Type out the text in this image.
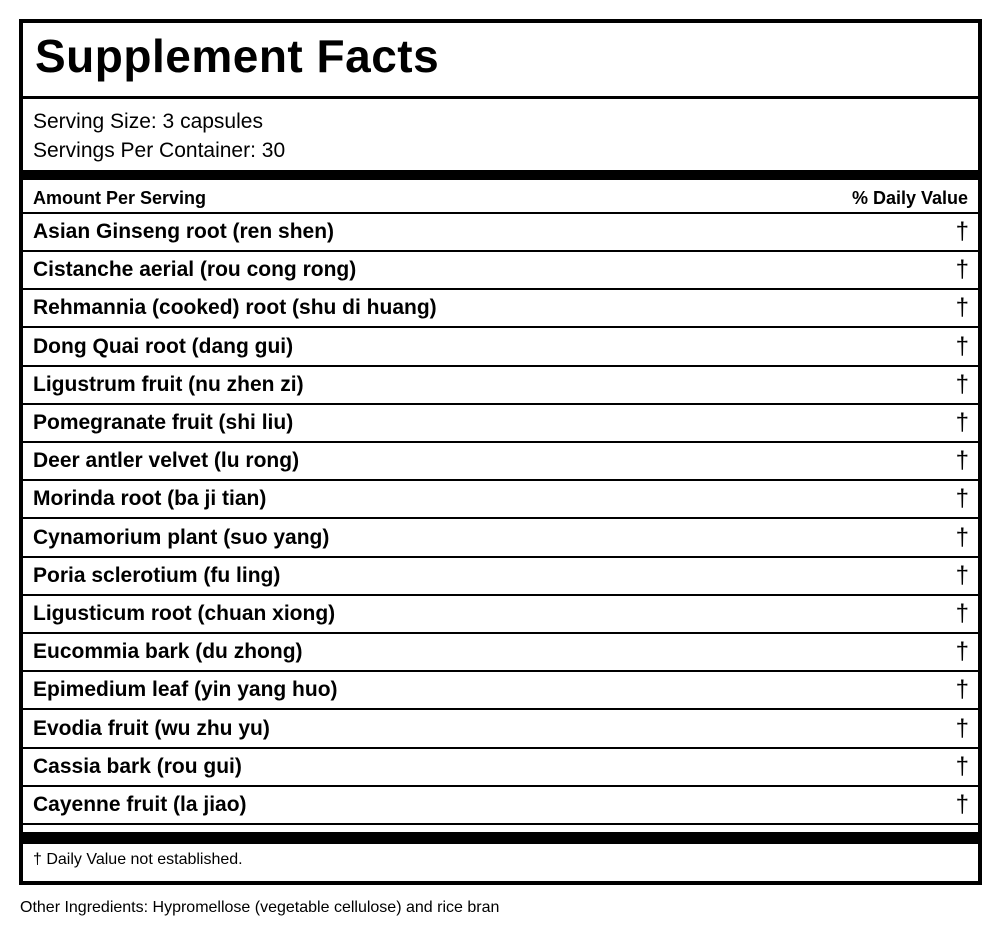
Supplement Facts
Serving Size: 3 capsules
Servings Per Container: 30
Amount Per Serving	% Daily Value
Asian Ginseng root (ren shen)	†
Cistanche aerial (rou cong rong)	†
Rehmannia (cooked) root (shu di huang)	†
Dong Quai root (dang gui)	†
Ligustrum fruit (nu zhen zi)	†
Pomegranate fruit (shi liu)	†
Deer antler velvet (lu rong)	†
Morinda root (ba ji tian)	†
Cynamorium plant (suo yang)	†
Poria sclerotium (fu ling)	†
Ligusticum root (chuan xiong)	†
Eucommia bark (du zhong)	†
Epimedium leaf (yin yang huo)	†
Evodia fruit (wu zhu yu)	†
Cassia bark (rou gui)	†
Cayenne fruit (la jiao)	†
† Daily Value not established.
Other Ingredients: Hypromellose (vegetable cellulose) and rice bran
